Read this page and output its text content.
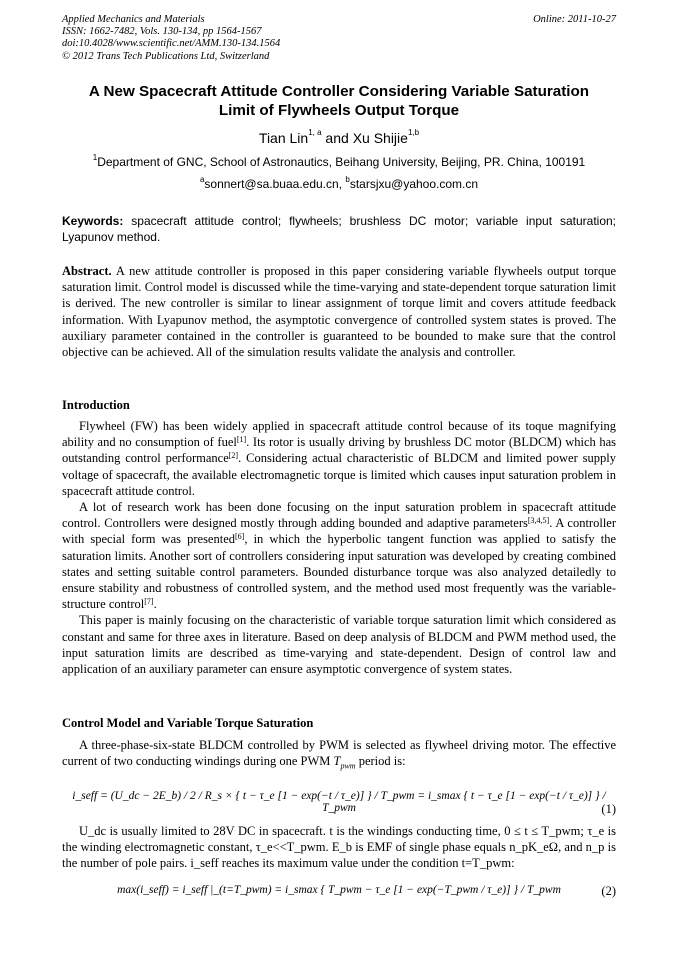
Applied Mechanics and Materials
ISSN: 1662-7482, Vols. 130-134, pp 1564-1567
doi:10.4028/www.scientific.net/AMM.130-134.1564
© 2012 Trans Tech Publications Ltd, Switzerland
Online: 2011-10-27
A New Spacecraft Attitude Controller Considering Variable Saturation
Limit of Flywheels Output Torque
Tian Lin$^{1, a}$ and Xu Shijie$^{1,b}$
$^1$Department of GNC, School of Astronautics, Beihang University, Beijing, PR. China, 100191
$^a$sonnert@sa.buaa.edu.cn, $^b$starsjxu@yahoo.com.cn
Keywords: spacecraft attitude control; flywheels; brushless DC motor; variable input saturation; Lyapunov method.
Abstract. A new attitude controller is proposed in this paper considering variable flywheels output torque saturation limit. Control model is discussed while the time-varying and state-dependent torque saturation limit is derived. The new controller is similar to linear assignment of torque limit and covers attitude feedback information. With Lyapunov method, the asymptotic convergence of controlled system states is proved. The auxiliary parameter contained in the controller is guaranteed to be bounded to make sure that the control objective can be achieved. All of the simulation results validate the analysis and controller.
Introduction

Flywheel (FW) has been widely applied in spacecraft attitude control because of its toque magnifying ability and no consumption of fuel[1]. Its rotor is usually driving by brushless DC motor (BLDCM) which has outstanding control performance[2]. Considering actual characteristic of BLDCM and limited power supply voltage of spacecraft, the available electromagnetic torque is limited which causes input saturation problem in spacecraft attitude control.

A lot of research work has been done focusing on the input saturation problem in spacecraft attitude control. Controllers were designed mostly through adding bounded and adaptive parameters[3,4,5]. A controller with special form was presented[6], in which the hyperbolic tangent function was applied to satisfy the saturation limits. Another sort of controllers considering input saturation was developed by creating combined states and setting suitable control parameters. Bounded disturbance torque was also analyzed detailedly to ensure stability and robustness of controlled system, and the method used most frequently was the variable-structure control[7].

This paper is mainly focusing on the characteristic of variable torque saturation limit which considered as constant and same for three axes in literature. Based on deep analysis of BLDCM and PWM method used, the input saturation limits are described as time-varying and state-dependent. Design of control law and application of an auxiliary parameter can ensure asymptotic convergence of system states.

Control Model and Variable Torque Saturation

A three-phase-six-state BLDCM controlled by PWM is selected as flywheel driving motor. The effective current of two conducting windings during one PWM $T_{pwm}$ period is:

i_seff = (U_dc − 2E_b) / 2 / R_s × { t − τ_e [1 − exp(−t / τ_e)] } / T_pwm = i_smax { t − τ_e [1 − exp(−t / τ_e)] } / T_pwm	(1)

U_dc is usually limited to 28V DC in spacecraft. t is the windings conducting time, 0 ≤ t ≤ T_pwm; τ_e is the winding electromagnetic constant, τ_e<<T_pwm. E_b is EMF of single phase equals n_pK_eΩ, and n_p is the number of pole pairs. i_seff reaches its maximum value under the condition t=T_pwm:

max(i_seff) = i_seff |_(t=T_pwm) = i_smax { T_pwm − τ_e [1 − exp(−T_pwm / τ_e)] } / T_pwm	(2)
